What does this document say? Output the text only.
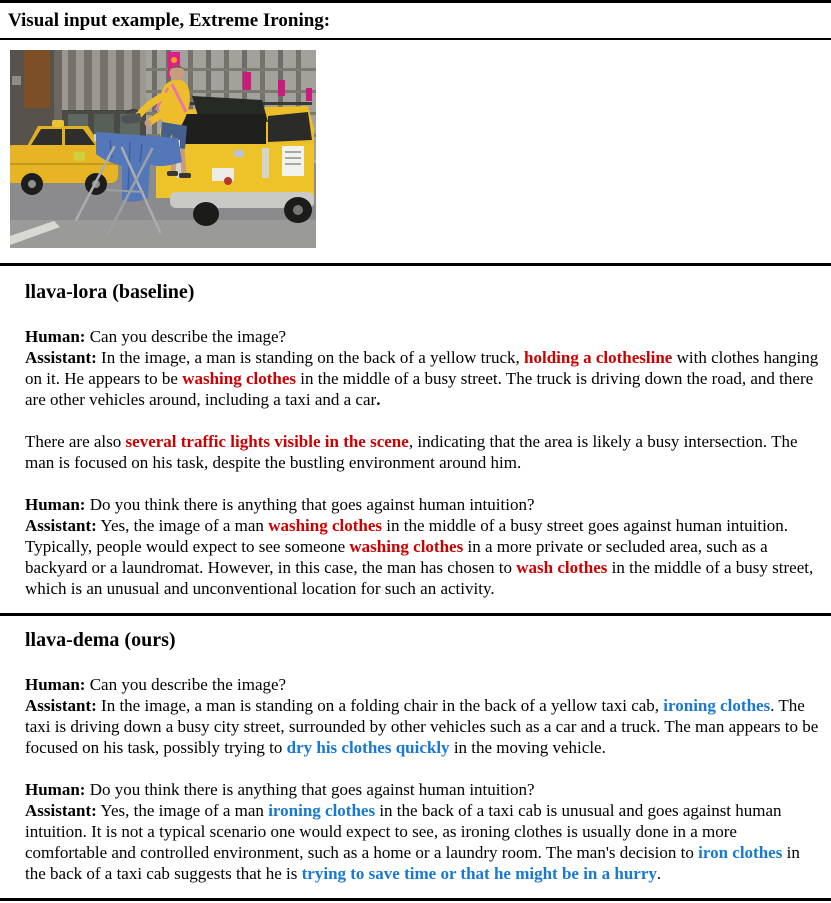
Visual input example, Extreme Ironing:
llava-lora (baseline)
Human: Can you describe the image?
Assistant: In the image, a man is standing on the back of a yellow truck, holding a clothesline with clothes hanging on it. He appears to be washing clothes in the middle of a busy street. The truck is driving down the road, and there are other vehicles around, including a taxi and a car.
There are also several traffic lights visible in the scene, indicating that the area is likely a busy intersection. The man is focused on his task, despite the bustling environment around him.
Human: Do you think there is anything that goes against human intuition?
Assistant: Yes, the image of a man washing clothes in the middle of a busy street goes against human intuition. Typically, people would expect to see someone washing clothes in a more private or secluded area, such as a backyard or a laundromat. However, in this case, the man has chosen to wash clothes in the middle of a busy street, which is an unusual and unconventional location for such an activity.
llava-dema (ours)
Human: Can you describe the image?
Assistant: In the image, a man is standing on a folding chair in the back of a yellow taxi cab, ironing clothes. The taxi is driving down a busy city street, surrounded by other vehicles such as a car and a truck. The man appears to be focused on his task, possibly trying to dry his clothes quickly in the moving vehicle.
Human: Do you think there is anything that goes against human intuition?
Assistant: Yes, the image of a man ironing clothes in the back of a taxi cab is unusual and goes against human intuition. It is not a typical scenario one would expect to see, as ironing clothes is usually done in a more comfortable and controlled environment, such as a home or a laundry room. The man's decision to iron clothes in the back of a taxi cab suggests that he is trying to save time or that he might be in a hurry.
